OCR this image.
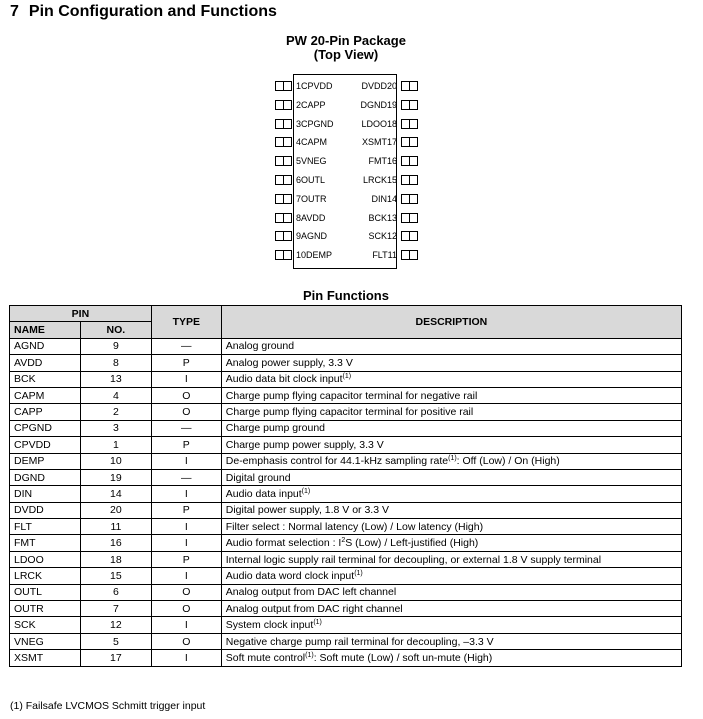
7 Pin Configuration and Functions
PW 20-Pin Package
(Top View)
1CPVDD
2CAPP
3CPGND
4CAPM
5VNEG
6OUTL
7OUTR
8AVDD
9AGND
10DEMP
DVDD20
DGND19
LDOO18
XSMT17
FMT16
LRCK15
DIN14
BCK13
SCK12
FLT11
Pin Functions
PIN		TYPE	DESCRIPTION
NAME	NO.		
AGND	9	—	Analog ground
AVDD	8	P	Analog power supply, 3.3 V
BCK	13	I	Audio data bit clock input$^{(1)}$
CAPM	4	O	Charge pump flying capacitor terminal for negative rail
CAPP	2	O	Charge pump flying capacitor terminal for positive rail
CPGND	3	—	Charge pump ground
CPVDD	1	P	Charge pump power supply, 3.3 V
DEMP	10	I	De-emphasis control for 44.1-kHz sampling rate$^{(1)}$: Off (Low) / On (High)
DGND	19	—	Digital ground
DIN	14	I	Audio data input$^{(1)}$
DVDD	20	P	Digital power supply, 1.8 V or 3.3 V
FLT	11	I	Filter select : Normal latency (Low) / Low latency (High)
FMT	16	I	Audio format selection : $I^2S$ (Low) / Left-justified (High)
LDOO	18	P	Internal logic supply rail terminal for decoupling, or external 1.8 V supply terminal
LRCK	15	I	Audio data word clock input$^{(1)}$
OUTL	6	O	Analog output from DAC left channel
OUTR	7	O	Analog output from DAC right channel
SCK	12	I	System clock input$^{(1)}$
VNEG	5	O	Negative charge pump rail terminal for decoupling, –3.3 V
XSMT	17	I	Soft mute control$^{(1)}$: Soft mute (Low) / soft un-mute (High)
(1) Failsafe LVCMOS Schmitt trigger input
